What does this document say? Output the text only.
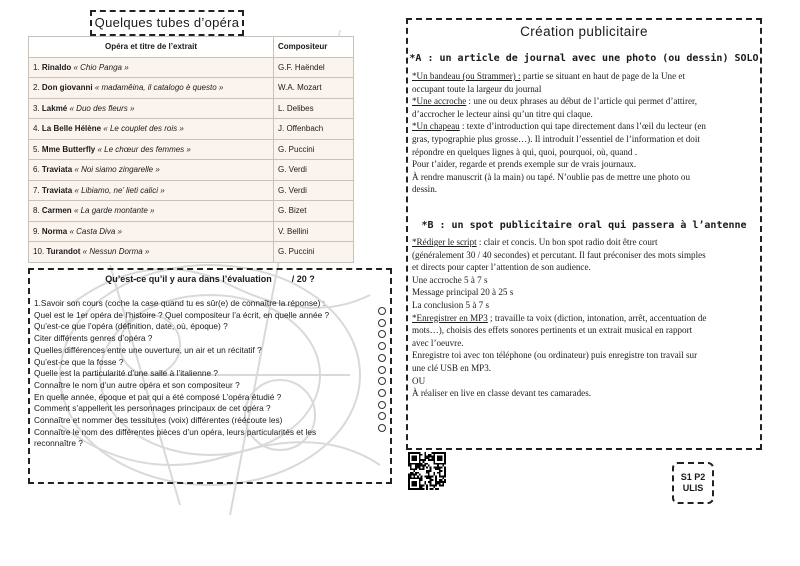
Quelques tubes d’opéra
Opéra et titre de l’extrait	Compositeur
1. Rinaldo « Chio Panga »	G.F. Haëndel
2. Don giovanni « madamêina, il catalogo è questo »	W.A. Mozart
3. Lakmé « Duo des fleurs »	L. Delibes
4. La Belle Hélène « Le couplet des rois »	J. Offenbach
5. Mme Butterfly « Le chœur des femmes »	G. Puccini
6. Traviata « Noi siamo zingarelle »	G. Verdi
7. Traviata « Libiamo, ne’ lieti calici »	G. Verdi
8. Carmen « La garde montante »	G. Bizet
9. Norma « Casta Diva »	V. Bellini
10. Turandot « Nessun Dorma »	G. Puccini
Qu’est-ce qu’il y aura dans l’évaluation / 20 ?
1.Savoir son cours (coche la case quand tu es sûr(e) de connaître la réponse) :
Quel est le 1er opéra de l’histoire ? Quel compositeur l’a écrit, en quelle année ?
Qu’est-ce que l’opéra (définition, date, où, époque) ?
Citer différents genres d’opéra ?
Quelles différences entre une ouverture, un air et un récitatif ?
Qu’est-ce que la fosse ?
Quelle est la particularité d’une salle à l’italienne ?
Connaître le nom d’un autre opéra et son compositeur ?
En quelle année, époque et par qui a été composé L’opéra étudié ?
Comment s’appellent les personnages principaux de cet opéra ?
Connaître et nommer des tessitures (voix) différentes (réécoute les)
Connaître le nom des différentes pièces d’un opéra, leurs particularités et les
reconnaître ?
Création publicitaire
*A : un article de journal avec une photo (ou dessin) SOLO
*Un bandeau (ou Strammer) : partie se situant en haut de page de la Une et
occupant toute la largeur du journal
*Une accroche : une ou deux phrases au début de l’article qui permet d’attirer,
d’accrocher le lecteur ainsi qu’un titre qui claque.
*Un chapeau : texte d’introduction qui tape directement dans l’œil du lecteur (en
gras, typographie plus grosse…). Il introduit l’essentiel de l’information et doit
répondre en quelques lignes à qui, quoi, pourquoi, où, quand .
Pour t’aider, regarde et prends exemple sur de vrais journaux.
À rendre manuscrit (à la main) ou tapé. N’oublie pas de mettre une photo ou
dessin.
*B : un spot publicitaire oral qui passera à l’antenne
*Rédiger le script : clair et concis. Un bon spot radio doit être court
(généralement 30 / 40 secondes) et percutant. Il faut préconiser des mots simples
et directs pour capter l’attention de son audience.
Une accroche 5 à 7 s
Message principal 20 à 25 s
La conclusion 5 à 7 s
*Enregistrer en MP3 ; travaille ta voix (diction, intonation, arrêt, accentuation de
mots…), choisis des effets sonores pertinents et un extrait musical en rapport
avec l’oeuvre.
Enregistre toi avec ton téléphone (ou ordinateur) puis enregistre ton travail sur
une clé USB en MP3.
OU
À réaliser en live en classe devant tes camarades.
S1 P2
ULIS
